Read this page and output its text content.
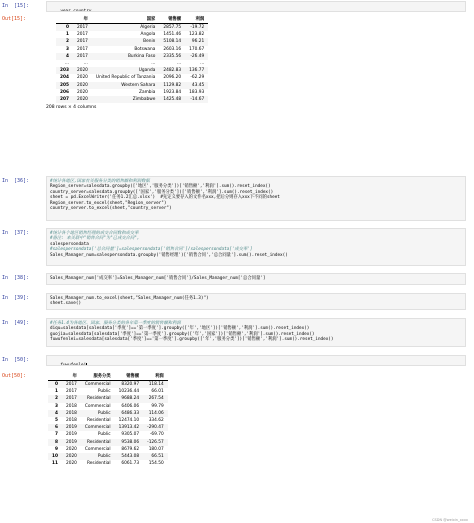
In  [15]:

year_country

Out[15]:
		年	国家	销售额	利润
0	2017	Algeria	2857.75	-19.72
1	2017	Angola	1451.46	123.82
2	2017	Benin	5108.14	96.21
3	2017	Botswana	2603.16	170.67
4	2017	Burkina Faso	2335.56	-26.49
...	...	...	...	...
203	2020	Uganda	2482.83	136.77
204	2020	United Republic of Tanzania	2096.20	-62.29
205	2020	Western Sahara	1129.82	43.45
206	2020	Zambia	1923.84	183.93
207	2020	Zimbabwe	1425.48	-14.67
208 rows × 4 columns
In  [36]:	#统计各地区,国家有关服务分类的销售额和利润数据
Region_server=salesdata.groupby(['地区','服务分类'])['销售额','利润'].sum().reset_index()
country_server=salesdata.groupby(['国家','服务分类'])['销售额','利润'].sum().reset_index()
sheet = pd.ExcelWriter('任务1.2汇总.xlsx')  #先定义要存入的文件名xxx,把后分则存入xxx下不同的sheet
Region_server.to_excel(sheet,"Region_server")
country_server.to_excel(sheet,"country_server")
In  [37]:	#统计各个地区销售经理的成交合同数和成交率
#备注: 来关联中"销售合同"为"已成交合同",
salespersondata
#salespersondata['总合同量']=salespersondata['销售合同']/salespersondata['成交率']
Sales_Manager_num=salespersondata.groupby('销售经理')['销售合同','总合同量'].sum().reset_index()
In  [38]:	Sales_Manager_num['成交率']=Sales_Manager_num['销售合同']/Sales_Manager_num['总合同量']
In  [39]:	Sales_Manager_num.to_excel(sheet,"Sales_Manager_num(任务1.3)")
sheet.save()
In  [49]:	#任务1.4为各地区、国家、服务分类的各年第一季度的销售额和利润
diqu=salesdata[salesdata['季度']=='第一季度'].groupby(['年','地区'])['销售额','利润'].sum().reset_index()
guojia=salesdata[salesdata['季度']=='第一季度'].groupby(['年','国家'])['销售额','利润'].sum().reset_index()
fuwufenlei=salesdata[salesdata['季度']=='第一季度'].groupby(['年','服务分类'])['销售额','利润'].sum().reset_index()
In  [50]:

fuwufenlei

Out[50]:
		年	服务分类	销售额	利润
0	2017	Commercial	8320.97	118.14
1	2017	Public	10236.44	66.01
2	2017	Residential	9688.24	267.54
3	2018	Commercial	6406.06	99.79
4	2018	Public	6486.33	114.06
5	2018	Residential	12474.10	334.62
6	2019	Commercial	13913.42	-290.47
7	2019	Public	9305.07	-69.70
8	2019	Residential	9538.06	-126.57
9	2020	Commercial	8679.62	180.07
10	2020	Public	5443.08	66.51
11	2020	Residential	6061.73	154.50
CSDN @weixin_xxxx
